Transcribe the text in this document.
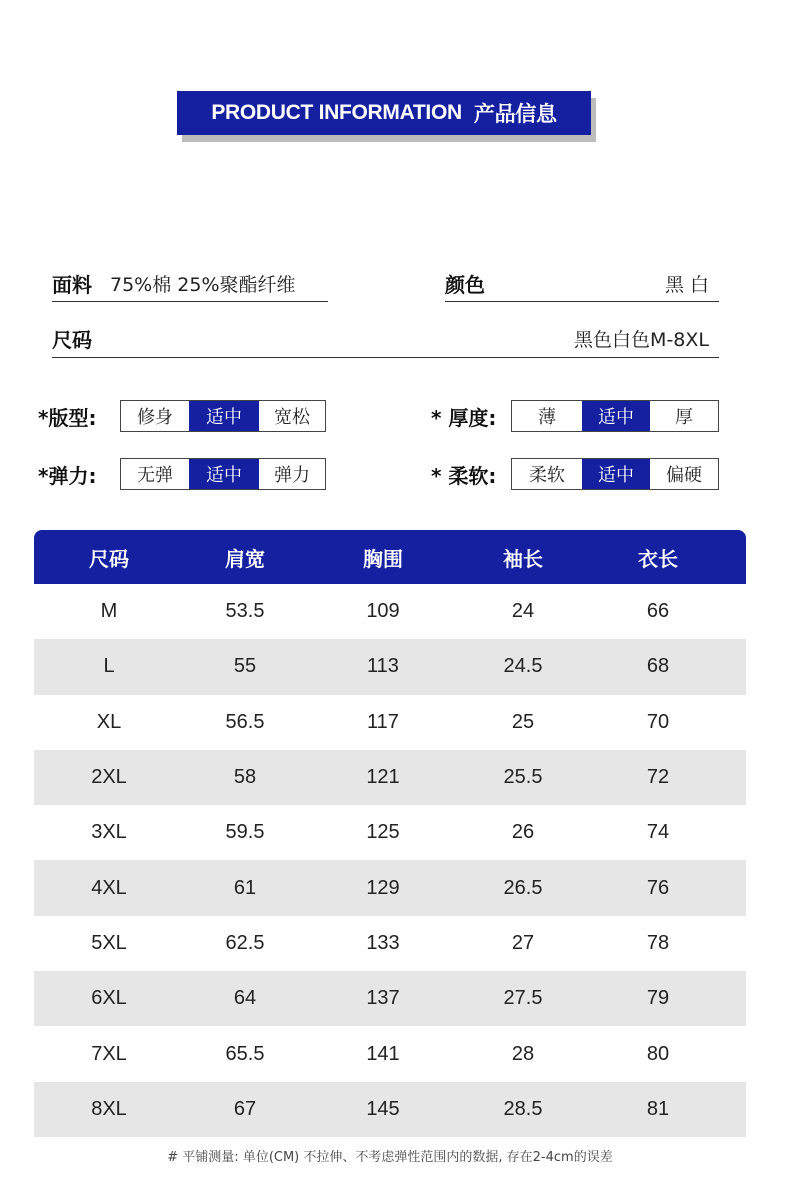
PRODUCT INFORMATION 产品信息
面料 75%棉 25%聚酯纤维	颜色	黑 白
尺码	黑色白色M-8XL
*版型:	修身	适中	宽松	* 厚度:	薄	适中	厚
*弹力:	无弹	适中	弹力	* 柔软:	柔软	适中	偏硬
尺码	肩宽	胸围	袖长	衣长
M	53.5	109	24	66
L	55	113	24.5	68
XL	56.5	117	25	70
2XL	58	121	25.5	72
3XL	59.5	125	26	74
4XL	61	129	26.5	76
5XL	62.5	133	27	78
6XL	64	137	27.5	79
7XL	65.5	141	28	80
8XL	67	145	28.5	81
# 平铺测量: 单位(CM) 不拉伸、不考虑弹性范围内的数据, 存在2-4cm的误差
